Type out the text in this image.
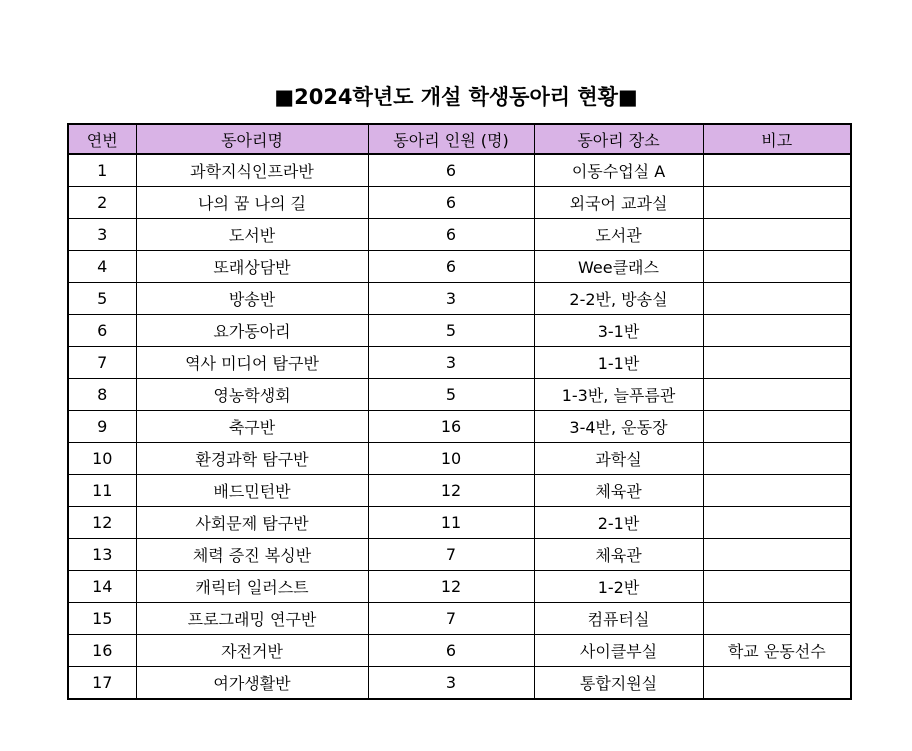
■2024학년도 개설 학생동아리 현황■
연번	동아리명	동아리 인원 (명)	동아리 장소	비고
1	과학지식인프라반	6	이동수업실 A	
2	나의 꿈 나의 길	6	외국어 교과실	
3	도서반	6	도서관	
4	또래상담반	6	Wee클래스	
5	방송반	3	2-2반, 방송실	
6	요가동아리	5	3-1반	
7	역사 미디어 탐구반	3	1-1반	
8	영농학생회	5	1-3반, 늘푸름관	
9	축구반	16	3-4반, 운동장	
10	환경과학 탐구반	10	과학실	
11	배드민턴반	12	체육관	
12	사회문제 탐구반	11	2-1반	
13	체력 증진 복싱반	7	체육관	
14	캐릭터 일러스트	12	1-2반	
15	프로그래밍 연구반	7	컴퓨터실	
16	자전거반	6	사이클부실	학교 운동선수
17	여가생활반	3	통합지원실	
